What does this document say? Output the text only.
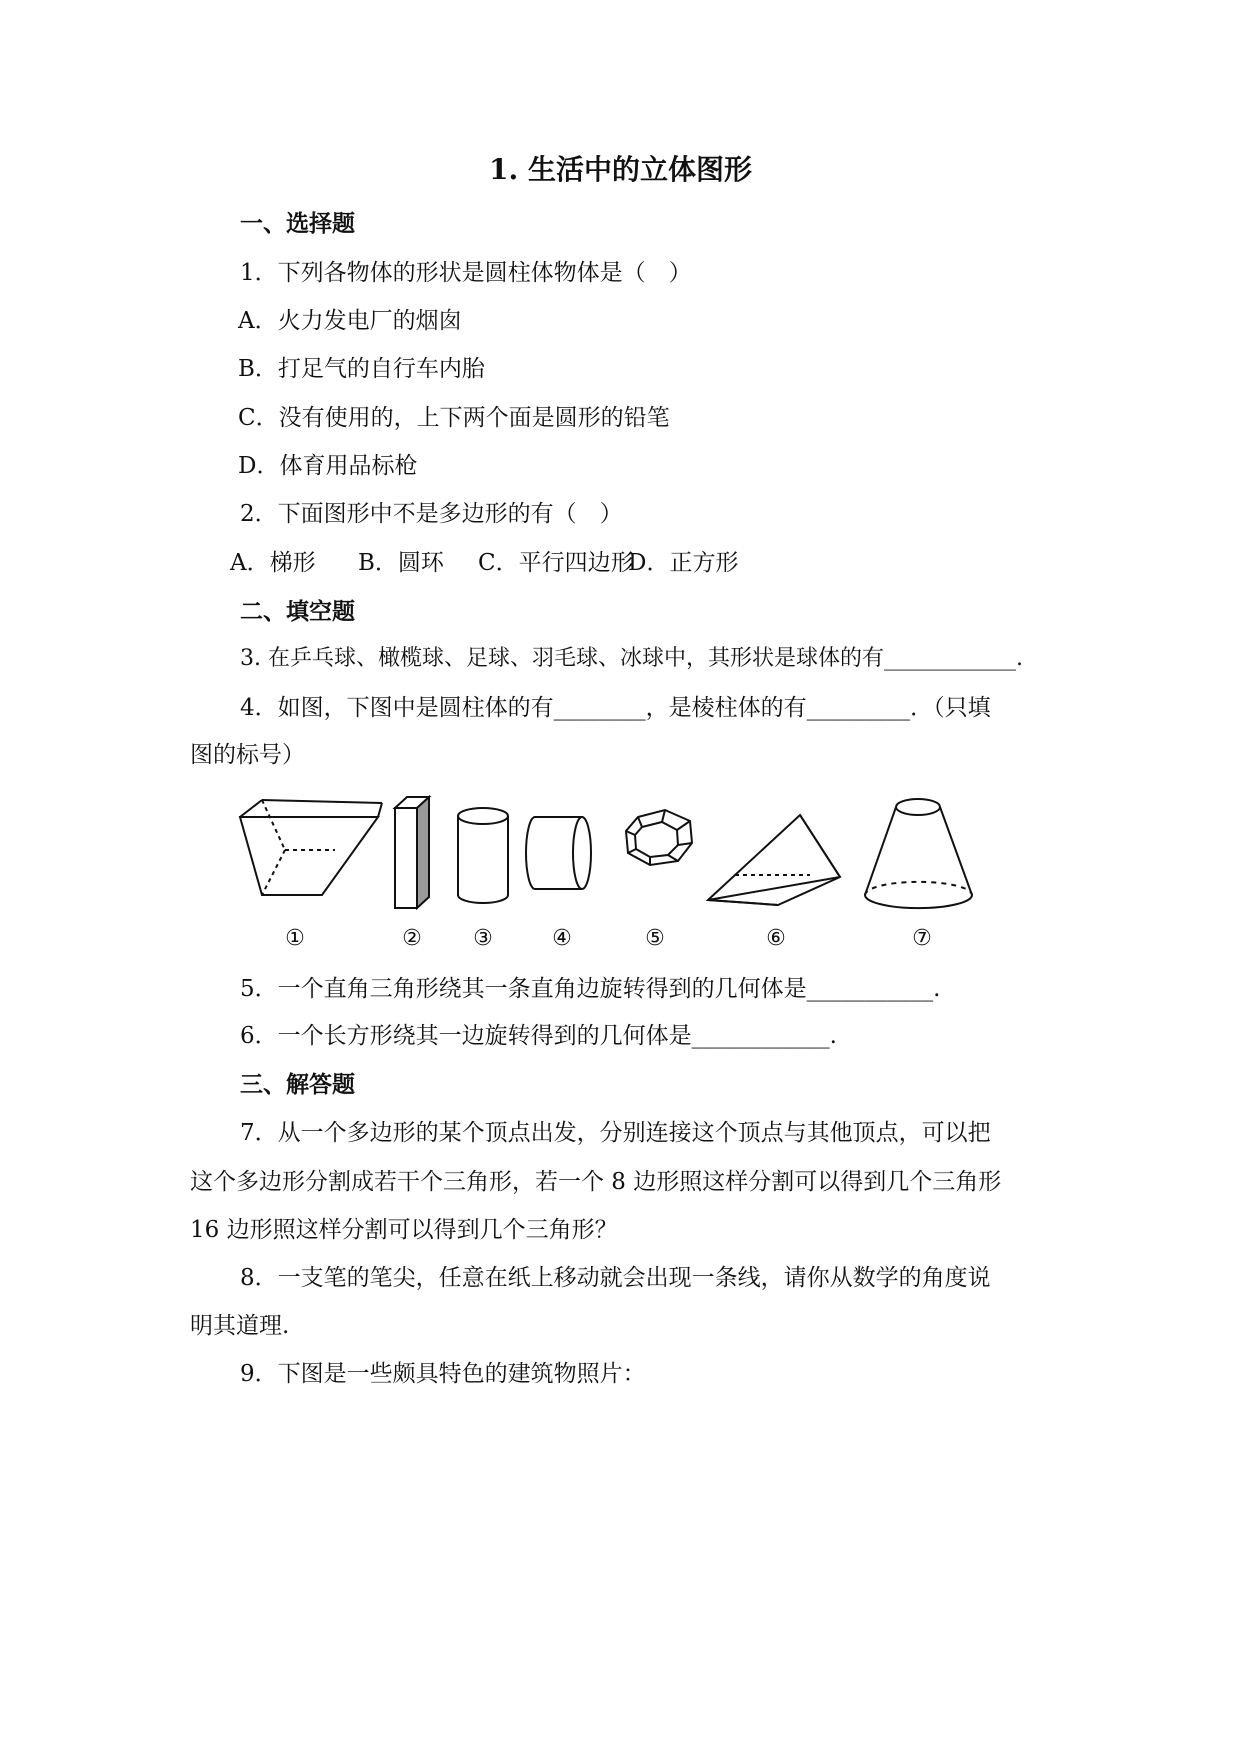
1. 生活中的立体图形
一、选择题
1．下列各物体的形状是圆柱体物体是（　）
A．火力发电厂的烟囱
B．打足气的自行车内胎
C．没有使用的，上下两个面是圆形的铅笔
D．体育用品标枪
2．下面图形中不是多边形的有（　）
A．梯形 B．圆环 C．平行四边形D．正方形
二、填空题
3. 在乒乓球、橄榄球、足球、羽毛球、冰球中，其形状是球体的有____________.
4．如图，下图中是圆柱体的有________，是棱柱体的有_________．（只填
图的标号）
①	② ③	④	⑤	⑥	⑦
5．一个直角三角形绕其一条直角边旋转得到的几何体是___________.
6．一个长方形绕其一边旋转得到的几何体是____________.
三、解答题
7．从一个多边形的某个顶点出发，分别连接这个顶点与其他顶点，可以把
这个多边形分割成若干个三角形，若一个 8 边形照这样分割可以得到几个三角形
16 边形照这样分割可以得到几个三角形？
8．一支笔的笔尖，任意在纸上移动就会出现一条线，请你从数学的角度说
明其道理.
9．下图是一些颇具特色的建筑物照片：
